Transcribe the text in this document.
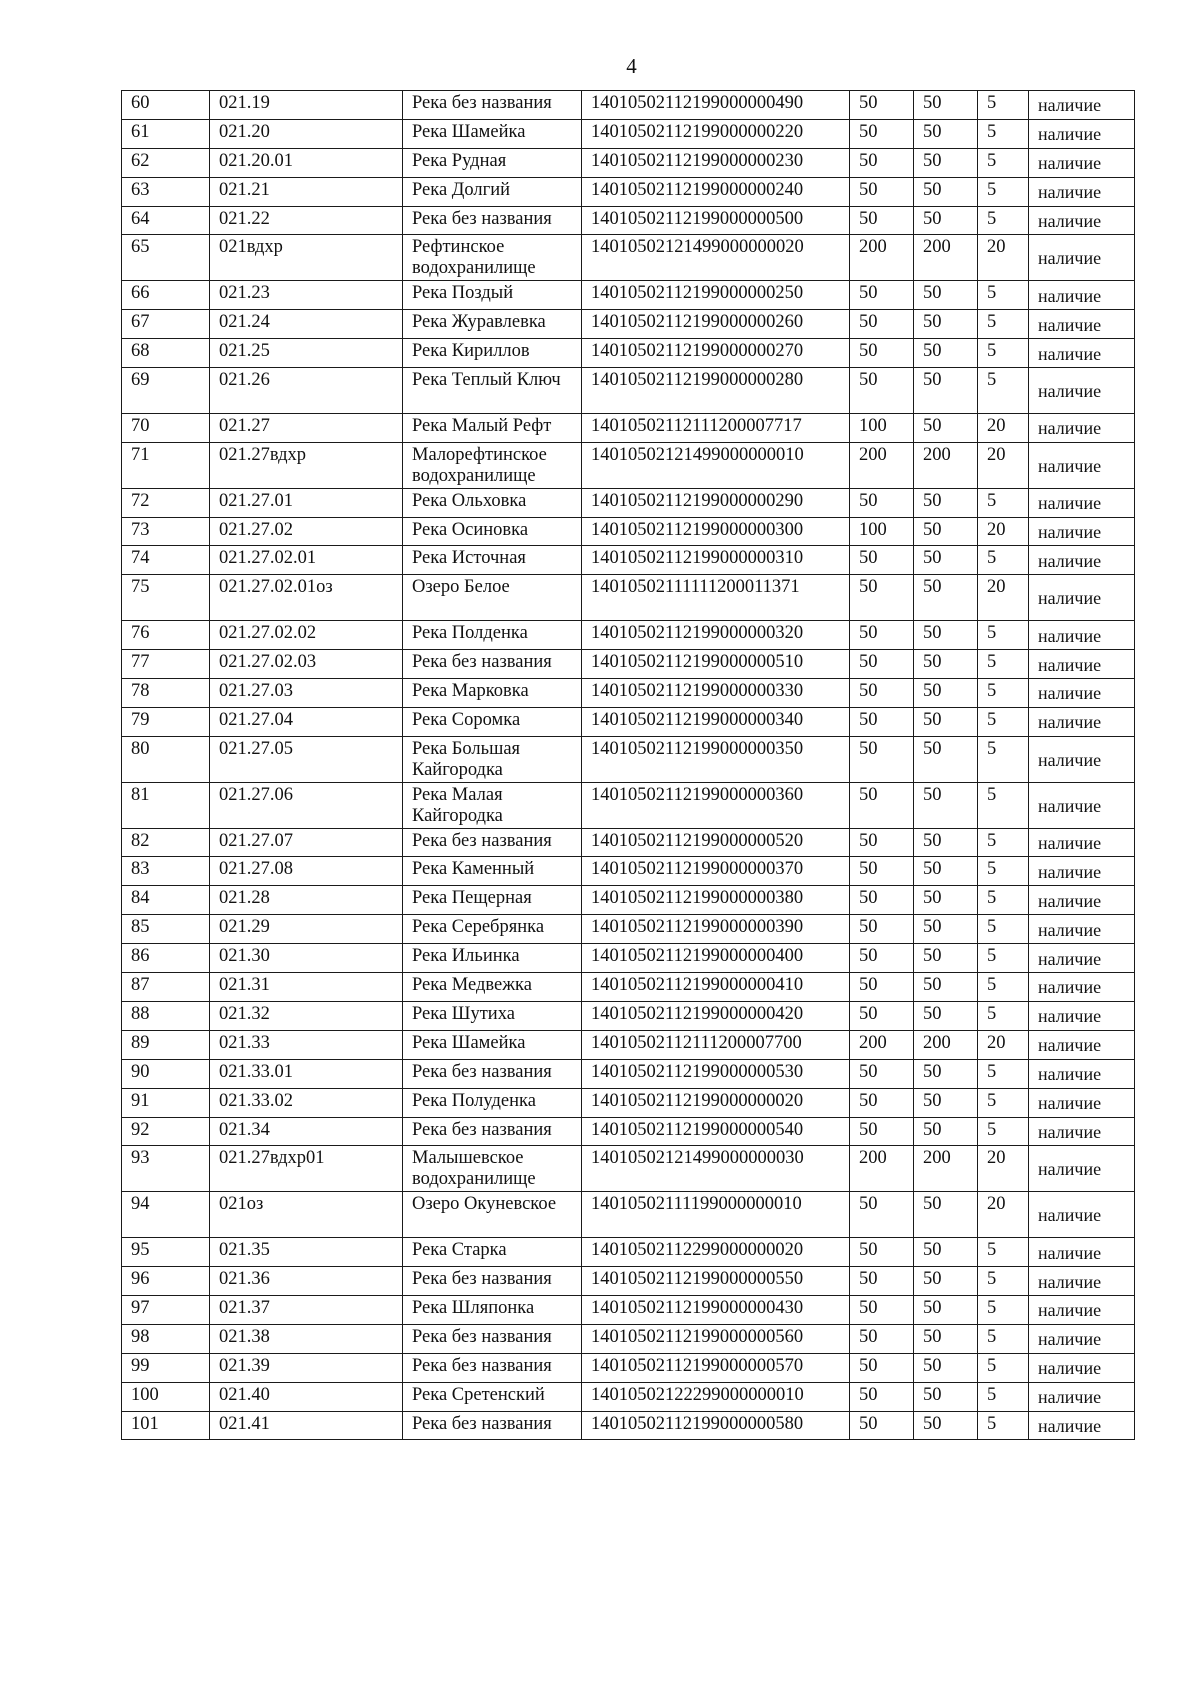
4
60	021.19	Река без названия	14010502112199000000490	50	50	5	наличие
61	021.20	Река Шамейка	14010502112199000000220	50	50	5	наличие
62	021.20.01	Река Рудная	14010502112199000000230	50	50	5	наличие
63	021.21	Река Долгий	14010502112199000000240	50	50	5	наличие
64	021.22	Река без названия	14010502112199000000500	50	50	5	наличие
65	021вдхр	Рефтинское водохранилище	14010502121499000000020	200	200	20	наличие
66	021.23	Река Поздый	14010502112199000000250	50	50	5	наличие
67	021.24	Река Журавлевка	14010502112199000000260	50	50	5	наличие
68	021.25	Река Кириллов	14010502112199000000270	50	50	5	наличие
69	021.26	Река Теплый Ключ	14010502112199000000280	50	50	5	наличие
70	021.27	Река Малый Рефт	14010502112111200007717	100	50	20	наличие
71	021.27вдхр	Малорефтинское водохранилище	14010502121499000000010	200	200	20	наличие
72	021.27.01	Река Ольховка	14010502112199000000290	50	50	5	наличие
73	021.27.02	Река Осиновка	14010502112199000000300	100	50	20	наличие
74	021.27.02.01	Река Источная	14010502112199000000310	50	50	5	наличие
75	021.27.02.01оз	Озеро Белое	14010502111111200011371	50	50	20	наличие
76	021.27.02.02	Река Полденка	14010502112199000000320	50	50	5	наличие
77	021.27.02.03	Река без названия	14010502112199000000510	50	50	5	наличие
78	021.27.03	Река Марковка	14010502112199000000330	50	50	5	наличие
79	021.27.04	Река Соромка	14010502112199000000340	50	50	5	наличие
80	021.27.05	Река Большая Кайгородка	14010502112199000000350	50	50	5	наличие
81	021.27.06	Река Малая Кайгородка	14010502112199000000360	50	50	5	наличие
82	021.27.07	Река без названия	14010502112199000000520	50	50	5	наличие
83	021.27.08	Река Каменный	14010502112199000000370	50	50	5	наличие
84	021.28	Река Пещерная	14010502112199000000380	50	50	5	наличие
85	021.29	Река Серебрянка	14010502112199000000390	50	50	5	наличие
86	021.30	Река Ильинка	14010502112199000000400	50	50	5	наличие
87	021.31	Река Медвежка	14010502112199000000410	50	50	5	наличие
88	021.32	Река Шутиха	14010502112199000000420	50	50	5	наличие
89	021.33	Река Шамейка	14010502112111200007700	200	200	20	наличие
90	021.33.01	Река без названия	14010502112199000000530	50	50	5	наличие
91	021.33.02	Река Полуденка	14010502112199000000020	50	50	5	наличие
92	021.34	Река без названия	14010502112199000000540	50	50	5	наличие
93	021.27вдхр01	Малышевское водохранилище	14010502121499000000030	200	200	20	наличие
94	021оз	Озеро Окуневское	14010502111199000000010	50	50	20	наличие
95	021.35	Река Старка	14010502112299000000020	50	50	5	наличие
96	021.36	Река без названия	14010502112199000000550	50	50	5	наличие
97	021.37	Река Шляпонка	14010502112199000000430	50	50	5	наличие
98	021.38	Река без названия	14010502112199000000560	50	50	5	наличие
99	021.39	Река без названия	14010502112199000000570	50	50	5	наличие
100	021.40	Река Сретенский	14010502122299000000010	50	50	5	наличие
101	021.41	Река без названия	14010502112199000000580	50	50	5	наличие
